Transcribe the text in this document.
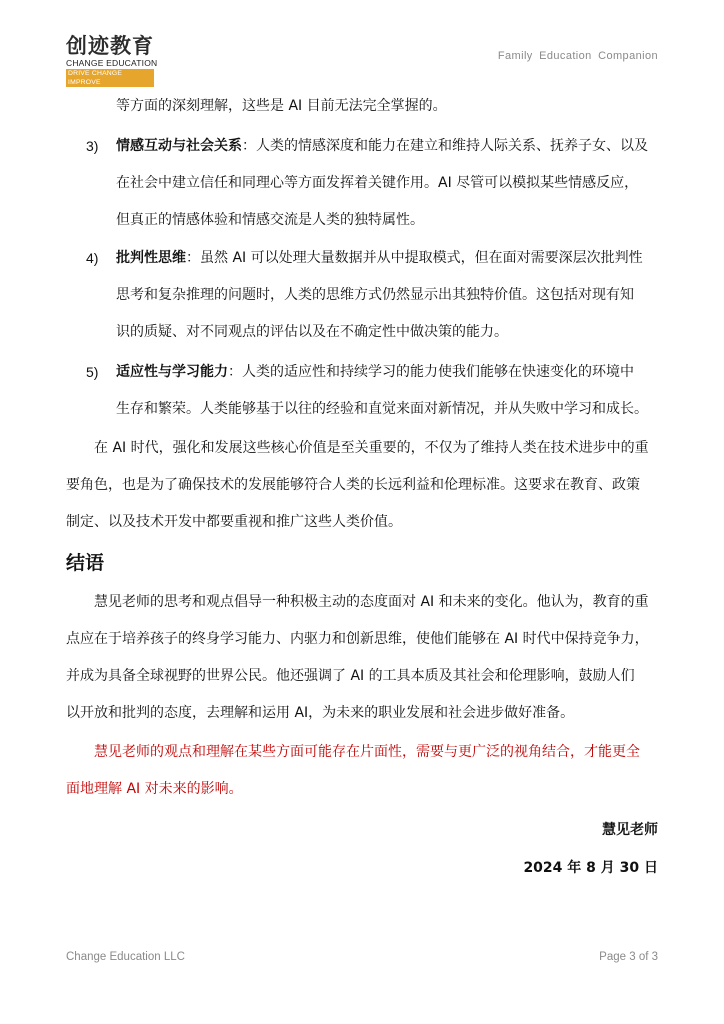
创迹教育
CHANGE EDUCATION
DRIVE CHANGE IMPROVE
Family Education Companion
等方面的深刻理解，这些是 AI 目前无法完全掌握的。
3) 情感互动与社会关系：人类的情感深度和能力在建立和维持人际关系、抚养子女、以及
在社会中建立信任和同理心等方面发挥着关键作用。AI 尽管可以模拟某些情感反应，
但真正的情感体验和情感交流是人类的独特属性。
4) 批判性思维：虽然 AI 可以处理大量数据并从中提取模式，但在面对需要深层次批判性
思考和复杂推理的问题时，人类的思维方式仍然显示出其独特价值。这包括对现有知
识的质疑、对不同观点的评估以及在不确定性中做决策的能力。
5) 适应性与学习能力：人类的适应性和持续学习的能力使我们能够在快速变化的环境中
生存和繁荣。人类能够基于以往的经验和直觉来面对新情况，并从失败中学习和成长。
在 AI 时代，强化和发展这些核心价值是至关重要的，不仅为了维持人类在技术进步中的重
要角色，也是为了确保技术的发展能够符合人类的长远利益和伦理标准。这要求在教育、政策
制定、以及技术开发中都要重视和推广这些人类价值。
结语
慧见老师的思考和观点倡导一种积极主动的态度面对 AI 和未来的变化。他认为，教育的重
点应在于培养孩子的终身学习能力、内驱力和创新思维，使他们能够在 AI 时代中保持竞争力，
并成为具备全球视野的世界公民。他还强调了 AI 的工具本质及其社会和伦理影响，鼓励人们
以开放和批判的态度，去理解和运用 AI，为未来的职业发展和社会进步做好准备。
慧见老师的观点和理解在某些方面可能存在片面性，需要与更广泛的视角结合，才能更全
面地理解 AI 对未来的影响。
慧见老师
2024 年 8 月 30 日
Change Education LLC	Page 3 of 3
